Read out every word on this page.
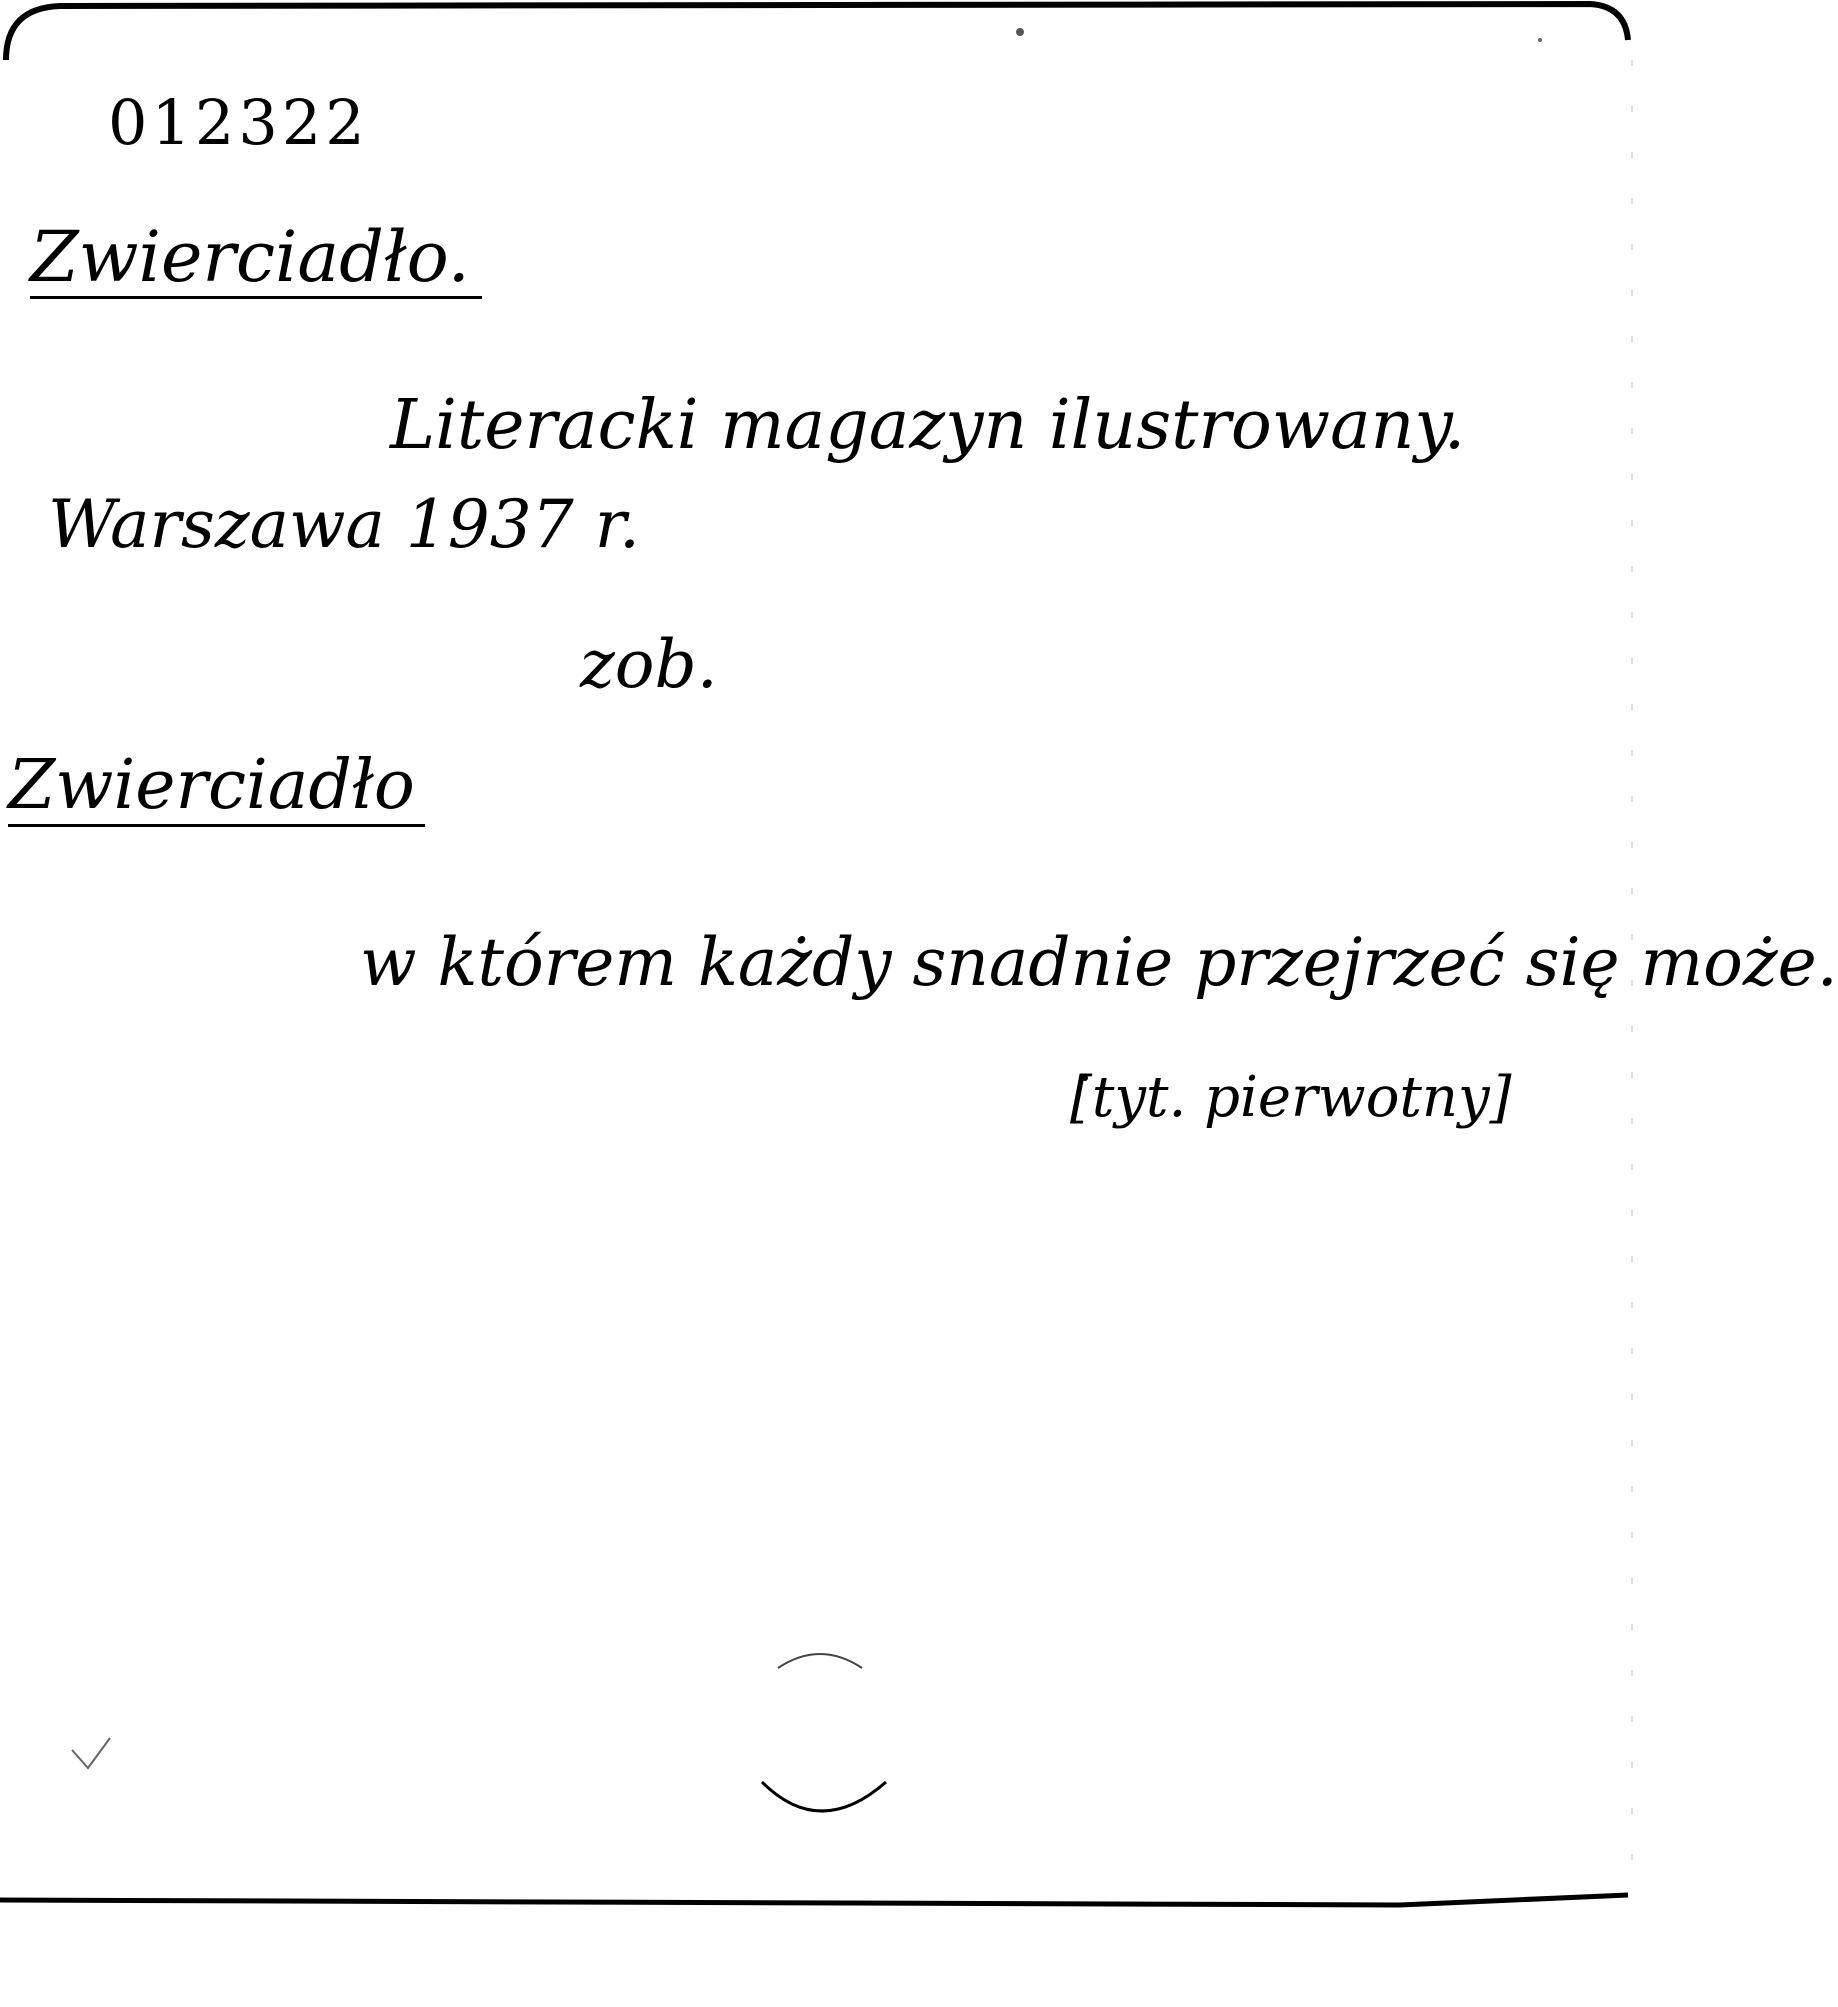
012322
Zwierciadło.
Literacki magazyn ilustrowany.
Warszawa 1937 r.
zob.
Zwierciadło
w którem każdy snadnie przejrzeć się może.
[tyt. pierwotny]
